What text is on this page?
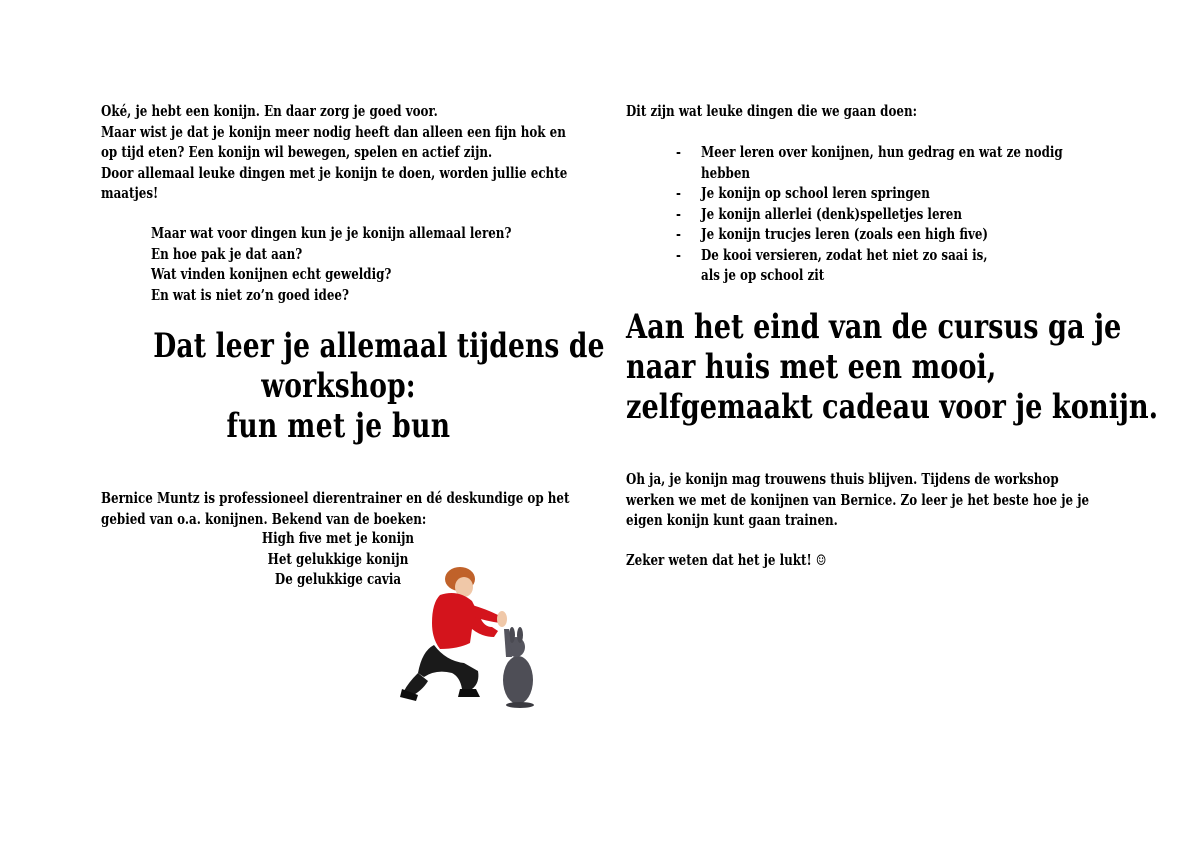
Oké, je hebt een konijn. En daar zorg je goed voor.

Maar wist je dat je konijn meer nodig heeft dan alleen een fijn hok en

op tijd eten? Een konijn wil bewegen, spelen en actief zijn.

Door allemaal leuke dingen met je konijn te doen, worden jullie echte

maatjes!

Maar wat voor dingen kun je je konijn allemaal leren?

En hoe pak je dat aan?

Wat vinden konijnen echt geweldig?

En wat is niet zo’n goed idee?

Dat leer je allemaal tijdens de
workshop:
fun met je bun

Bernice Muntz is professioneel dierentrainer en dé deskundige op het

gebied van o.a. konijnen. Bekend van de boeken:

High five met je konijn
Het gelukkige konijn
De gelukkige cavia
Dit zijn wat leuke dingen die we gaan doen:
- Meer leren over konijnen, hun gedrag en wat ze nodig
hebben
- Je konijn op school leren springen
- Je konijn allerlei (denk)spelletjes leren
- Je konijn trucjes leren (zoals een high five)
- De kooi versieren, zodat het niet zo saai is,
als je op school zit
Aan het eind van de cursus ga je
naar huis met een mooi,
zelfgemaakt cadeau voor je konijn.

Oh ja, je konijn mag trouwens thuis blijven. Tijdens de workshop

werken we met de konijnen van Bernice. Zo leer je het beste hoe je je

eigen konijn kunt gaan trainen.

Zeker weten dat het je lukt! ☺
